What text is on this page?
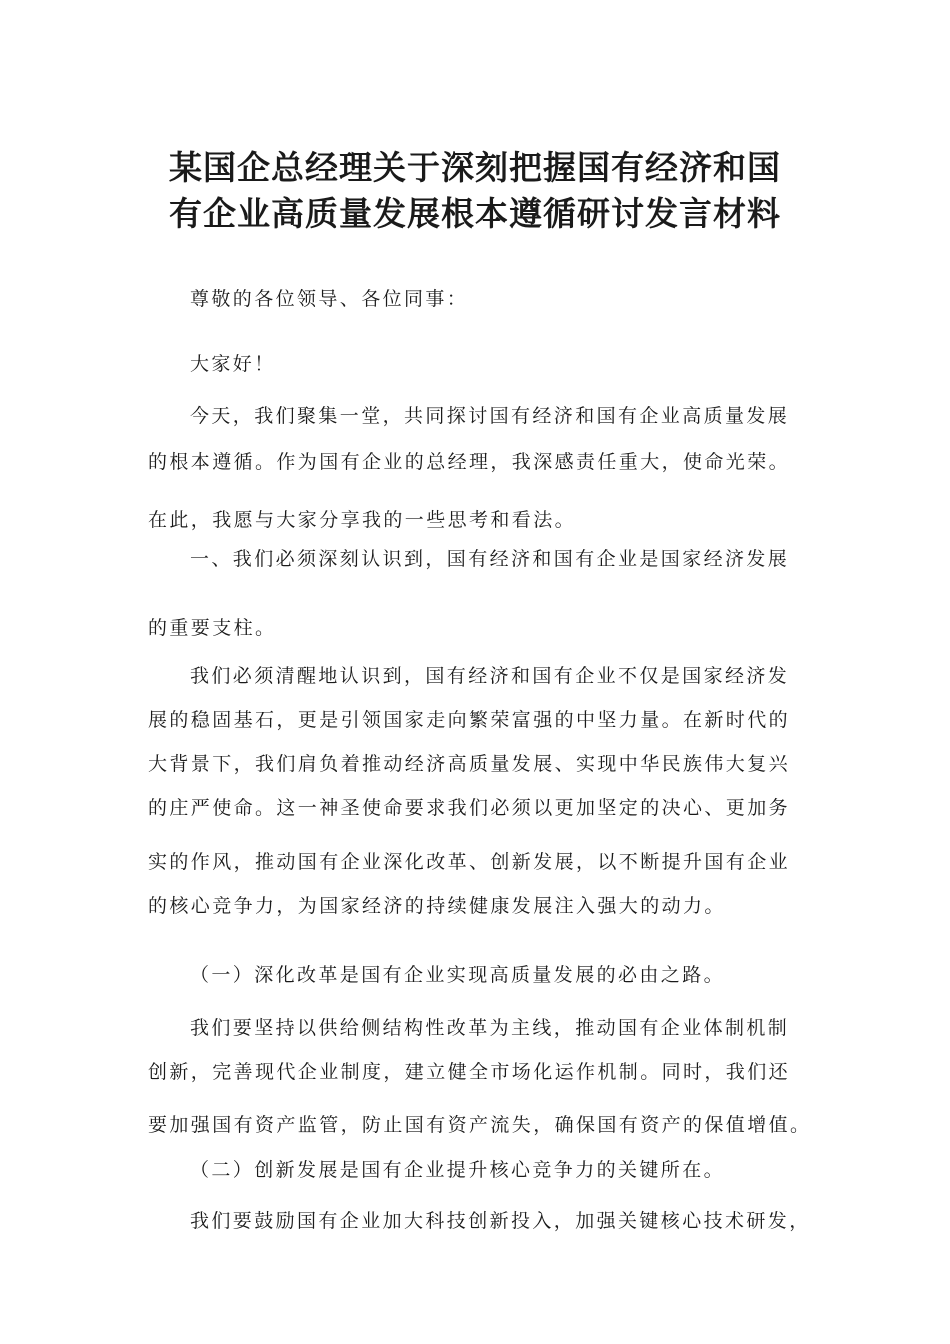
某国企总经理关于深刻把握国有经济和国
有企业高质量发展根本遵循研讨发言材料
尊敬的各位领导、各位同事：
大家好！
今天，我们聚集一堂，共同探讨国有经济和国有企业高质量发展
的根本遵循。作为国有企业的总经理，我深感责任重大，使命光荣。
在此，我愿与大家分享我的一些思考和看法。
一、我们必须深刻认识到，国有经济和国有企业是国家经济发展
的重要支柱。
我们必须清醒地认识到，国有经济和国有企业不仅是国家经济发
展的稳固基石，更是引领国家走向繁荣富强的中坚力量。在新时代的
大背景下，我们肩负着推动经济高质量发展、实现中华民族伟大复兴
的庄严使命。这一神圣使命要求我们必须以更加坚定的决心、更加务
实的作风，推动国有企业深化改革、创新发展，以不断提升国有企业
的核心竞争力，为国家经济的持续健康发展注入强大的动力。
（一）深化改革是国有企业实现高质量发展的必由之路。
我们要坚持以供给侧结构性改革为主线，推动国有企业体制机制
创新，完善现代企业制度，建立健全市场化运作机制。同时，我们还
要加强国有资产监管，防止国有资产流失，确保国有资产的保值增值。
（二）创新发展是国有企业提升核心竞争力的关键所在。
我们要鼓励国有企业加大科技创新投入，加强关键核心技术研发，
